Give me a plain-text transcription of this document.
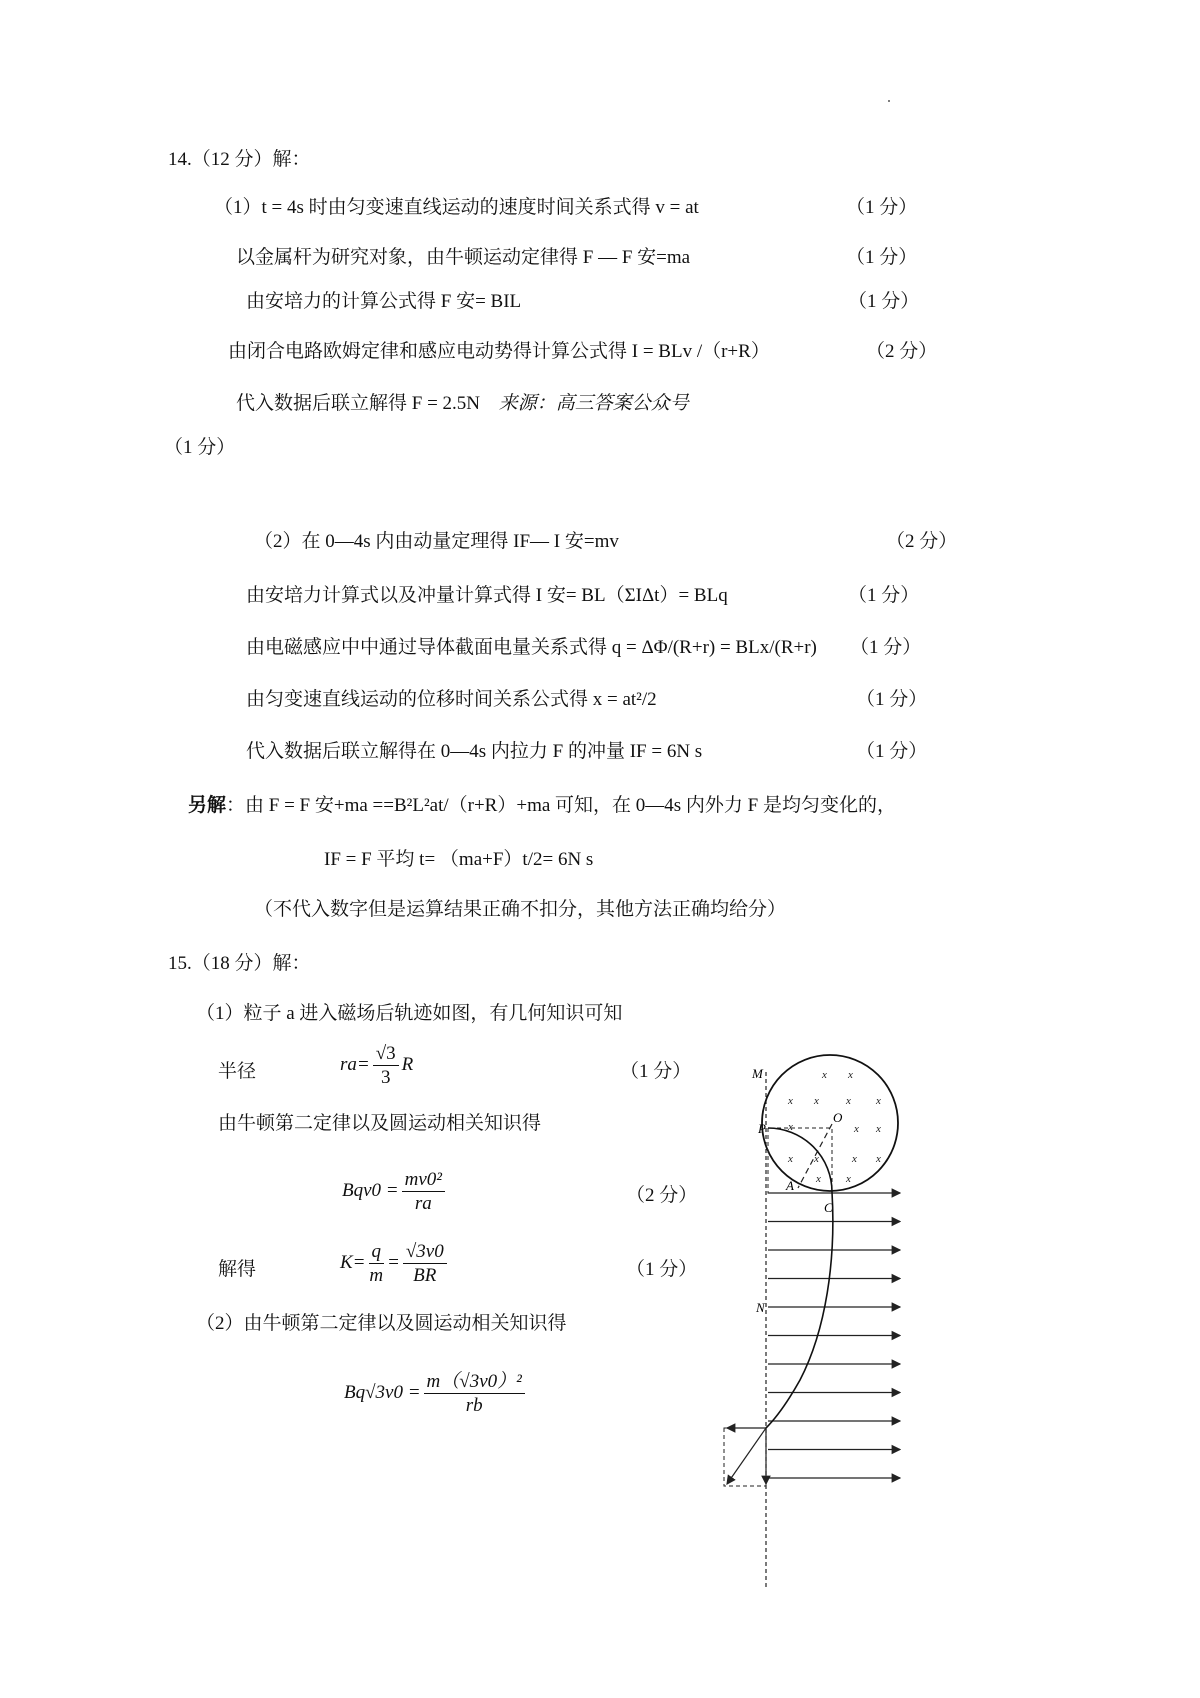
14.（12 分）解：
（1）t = 4s 时由匀变速直线运动的速度时间关系式得 v = at	（1 分）
以金属杆为研究对象，由牛顿运动定律得 F — F 安=ma	（1 分）
由安培力的计算公式得 F 安= BIL	（1 分）
由闭合电路欧姆定律和感应电动势得计算公式得 I = BLv /（r+R）	（2 分）
代入数据后联立解得 F = 2.5N 来源：高三答案公众号
（1 分）
（2）在 0—4s 内由动量定理得 IF— I 安=mv	（2 分）
由安培力计算式以及冲量计算式得 I 安= BL（ΣIΔt）= BLq	（1 分）
由电磁感应中中通过导体截面电量关系式得 q = ΔΦ/(R+r) = BLx/(R+r) （1 分）
由匀变速直线运动的位移时间关系公式得 x = at²/2	（1 分）
代入数据后联立解得在 0—4s 内拉力 F 的冲量 IF = 6N s	（1 分）
另解：由 F = F 安+ma ==B²L²at/（r+R）+ma 可知，在 0—4s 内外力 F 是均匀变化的，
IF = F 平均 t= （ma+F）t/2= 6N s
（不代入数字但是运算结果正确不扣分，其他方法正确均给分）
15.（18 分）解：
（1）粒子 a 进入磁场后轨迹如图，有几何知识可知
半径	$ra= \frac{√3}{3}$ R	（1 分）
由牛顿第二定律以及圆运动相关知识得
$Bqv0 = \frac{\text{mv0²}}{ra}$	（2 分）
解得	$K= \frac{q}{m} = \frac{√3v0}{BR}$	（1 分）
（2）由牛顿第二定律以及圆运动相关知识得
$Bq√3v0 = \frac{\text{m（√3v0）²}}{rb}$
x x
x x x x
x	x x
x x	x x
x x
M
P
O
A
C
N
